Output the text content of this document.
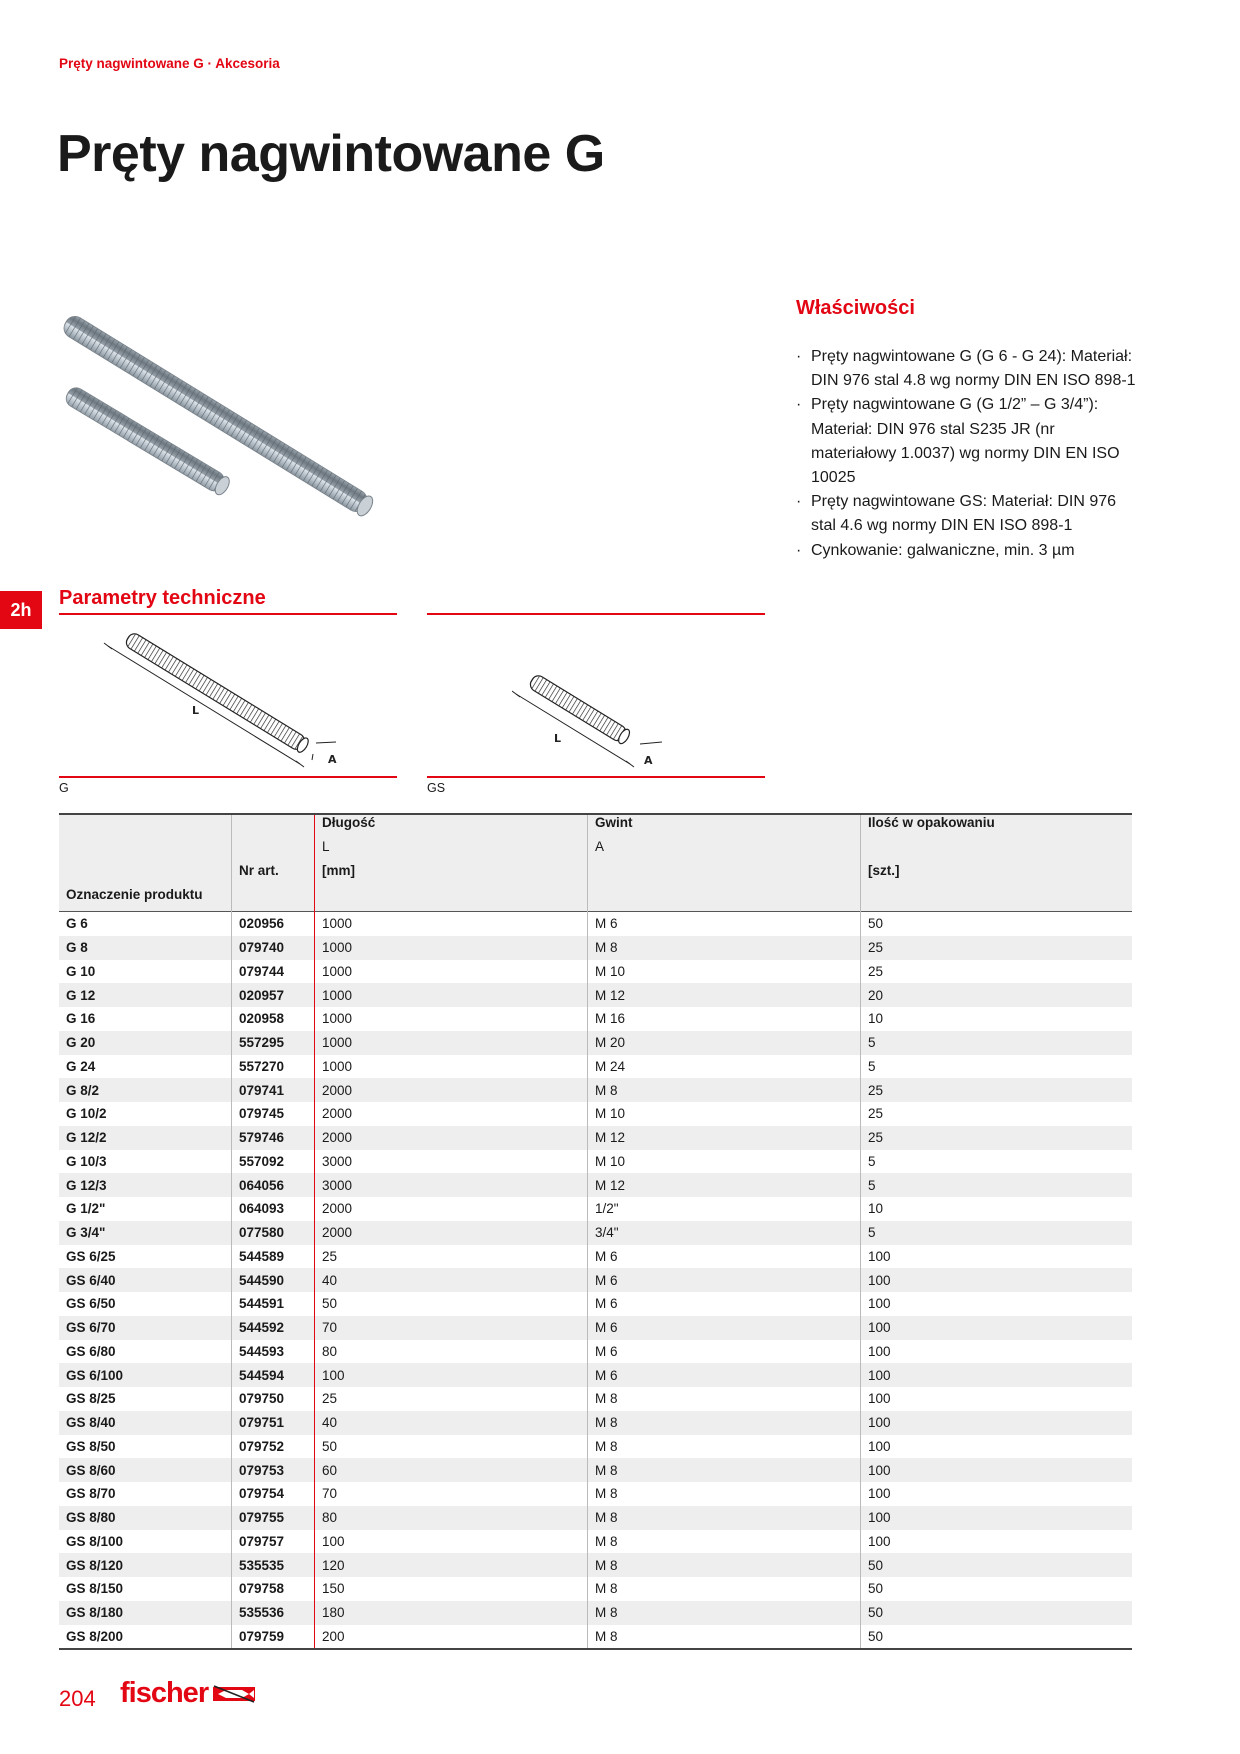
Pręty nagwintowane G · Akcesoria
Pręty nagwintowane G
Właściwości
· Pręty nagwintowane G (G 6 - G 24): Materiał: DIN 976 stal 4.8 wg normy DIN EN ISO 898-1
· Pręty nagwintowane G (G 1/2” – G 3/4”): Materiał: DIN 976 stal S235 JR (nr materiałowy 1.0037) wg normy DIN EN ISO 10025
· Pręty nagwintowane GS: Materiał: DIN 976 stal 4.6 wg normy DIN EN ISO 898-1
· Cynkowanie: galwaniczne, min. 3 µm
2h
Parametry techniczne
L
A
L
A
G	GS
		Długość	Gwint	Ilość w opakowaniu
		L	A	
	Nr art.	[mm]		[szt.]
Oznaczenie produktu				
G 6	020956	1000	M 6	50
G 8	079740	1000	M 8	25
G 10	079744	1000	M 10	25
G 12	020957	1000	M 12	20
G 16	020958	1000	M 16	10
G 20	557295	1000	M 20	5
G 24	557270	1000	M 24	5
G 8/2	079741	2000	M 8	25
G 10/2	079745	2000	M 10	25
G 12/2	579746	2000	M 12	25
G 10/3	557092	3000	M 10	5
G 12/3	064056	3000	M 12	5
G 1/2"	064093	2000	1/2"	10
G 3/4"	077580	2000	3/4"	5
GS 6/25	544589	25	M 6	100
GS 6/40	544590	40	M 6	100
GS 6/50	544591	50	M 6	100
GS 6/70	544592	70	M 6	100
GS 6/80	544593	80	M 6	100
GS 6/100	544594	100	M 6	100
GS 8/25	079750	25	M 8	100
GS 8/40	079751	40	M 8	100
GS 8/50	079752	50	M 8	100
GS 8/60	079753	60	M 8	100
GS 8/70	079754	70	M 8	100
GS 8/80	079755	80	M 8	100
GS 8/100	079757	100	M 8	100
GS 8/120	535535	120	M 8	50
GS 8/150	079758	150	M 8	50
GS 8/180	535536	180	M 8	50
GS 8/200	079759	200	M 8	50
204 fischer
